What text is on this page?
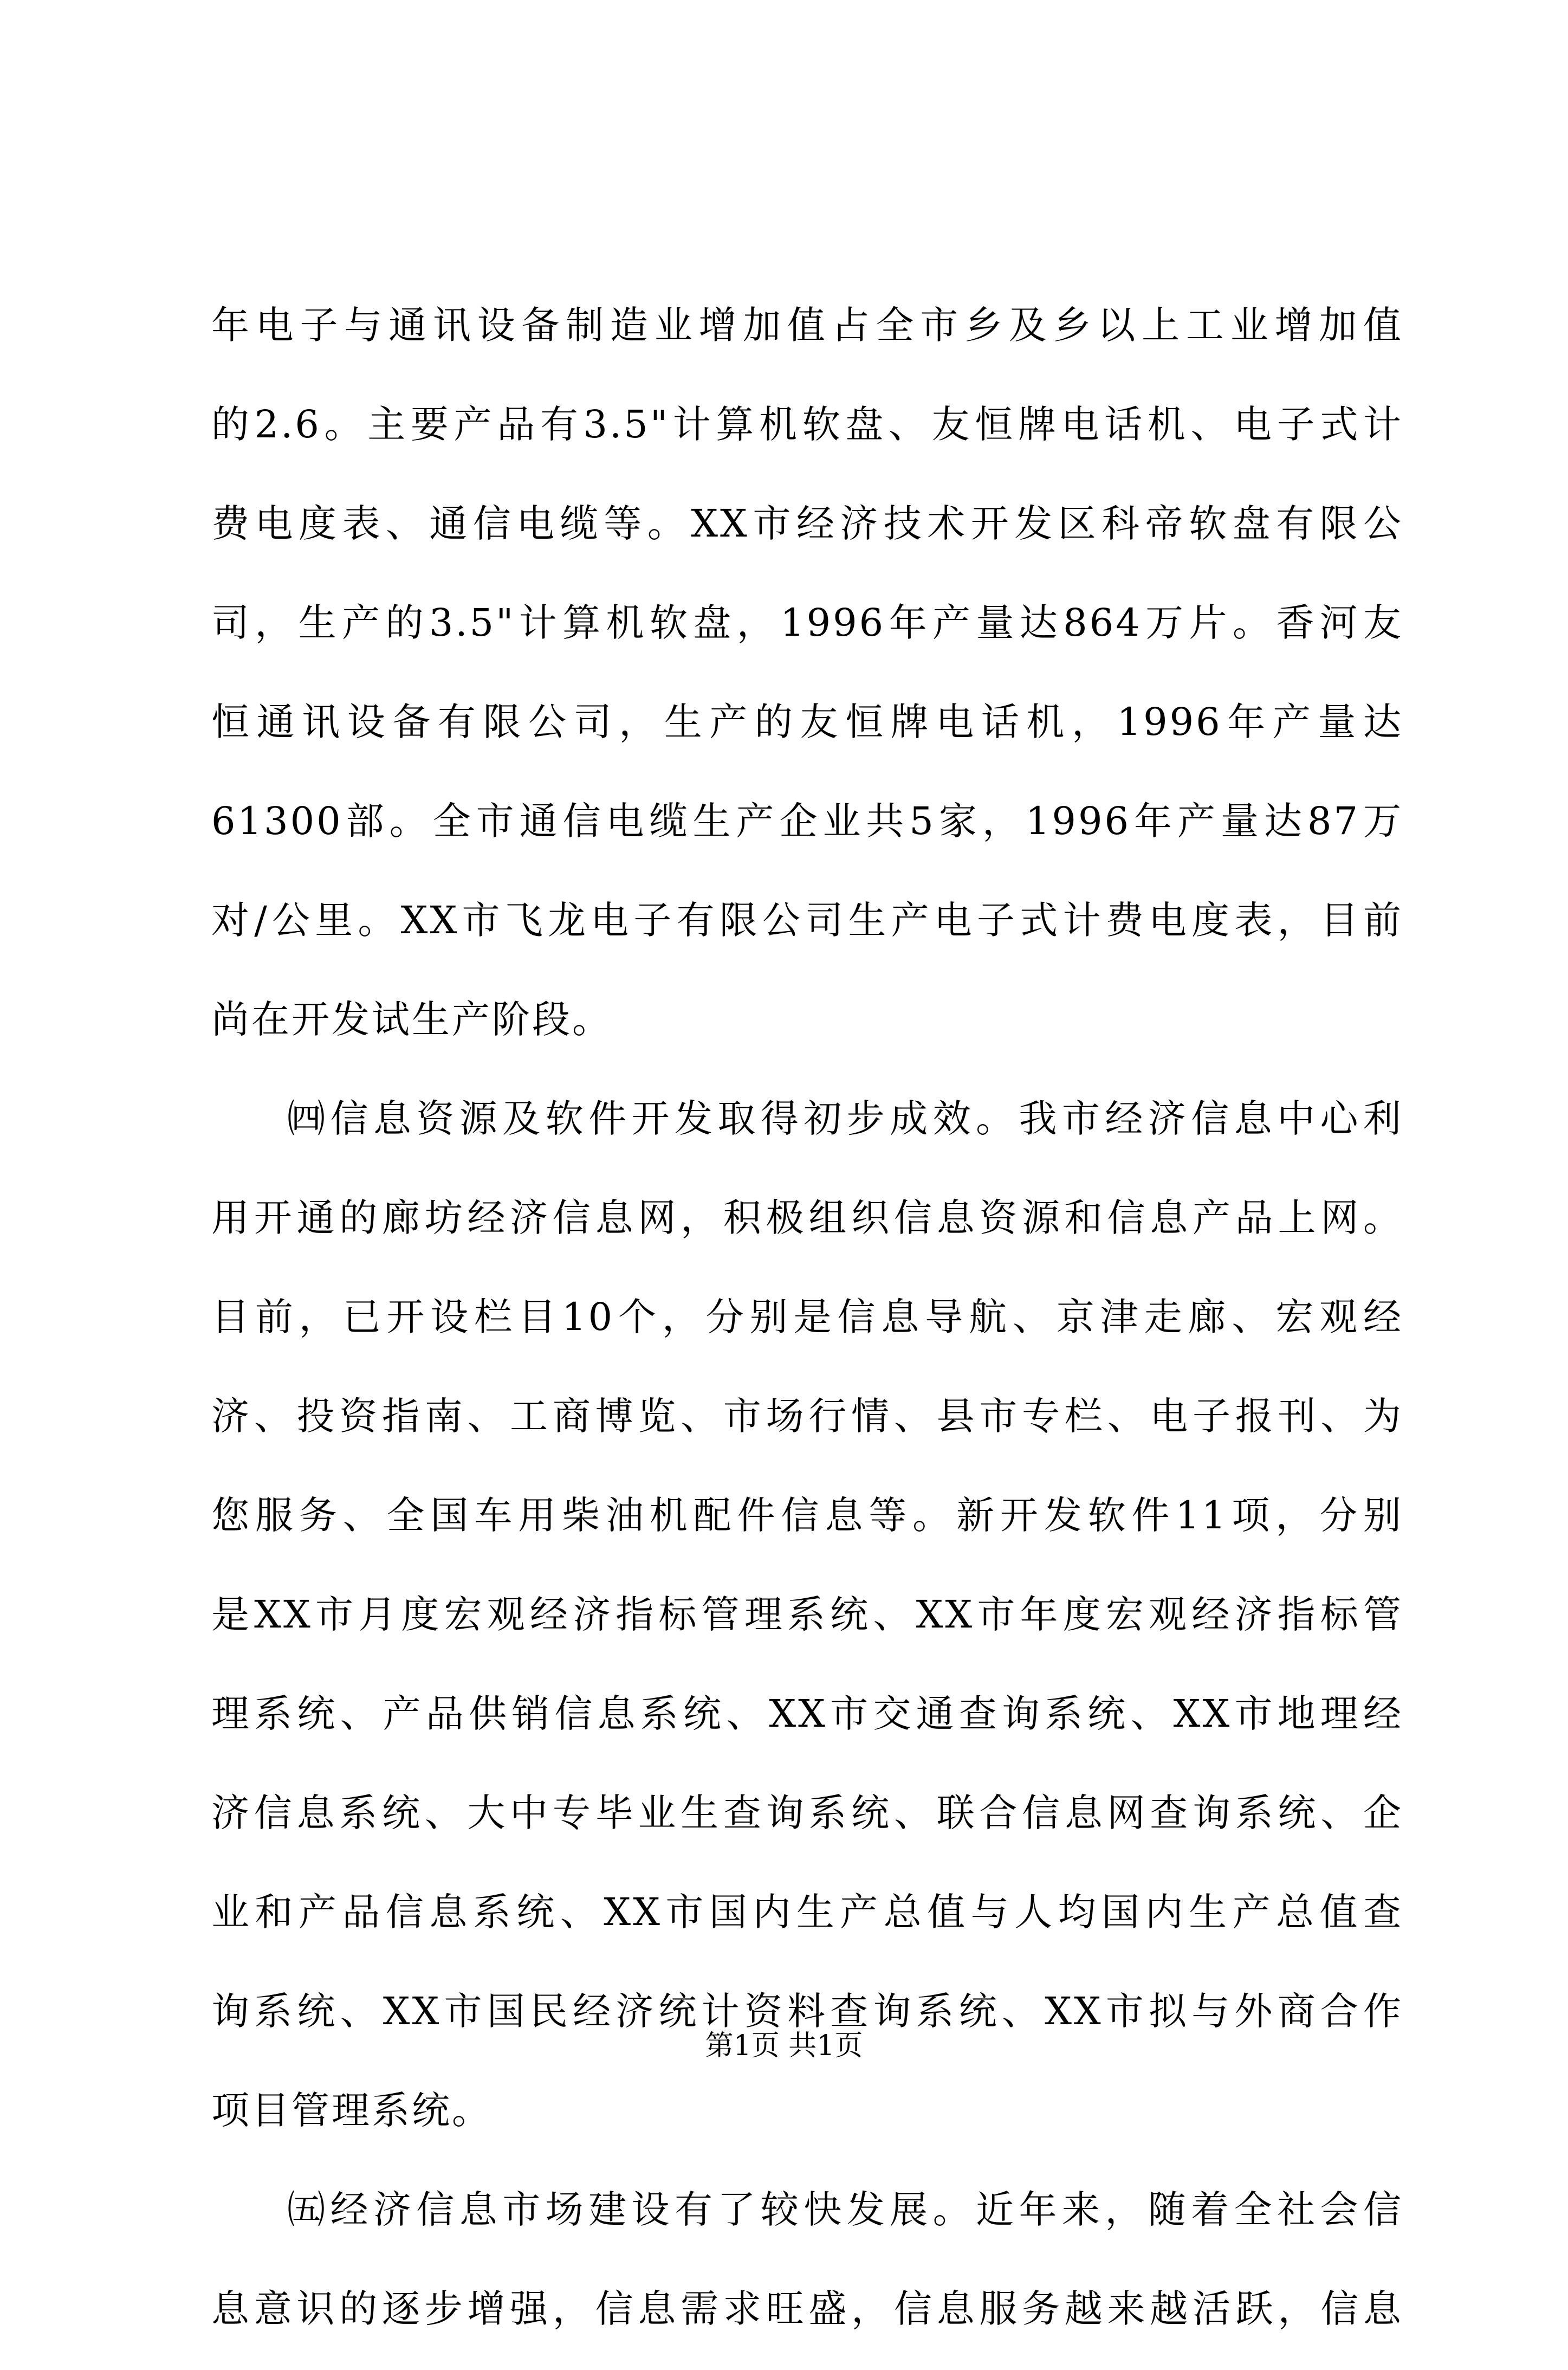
年电子与通讯设备制造业增加值占全市乡及乡以上工业增加值
的2.6。主要产品有3.5"计算机软盘、友恒牌电话机、电子式计
费电度表、通信电缆等。XX市经济技术开发区科帝软盘有限公
司，生产的3.5"计算机软盘，1996年产量达864万片。香河友
恒通讯设备有限公司，生产的友恒牌电话机，1996年产量达
61300部。全市通信电缆生产企业共5家，1996年产量达87万
对/公里。XX市飞龙电子有限公司生产电子式计费电度表，目前
尚在开发试生产阶段。
㈣信息资源及软件开发取得初步成效。我市经济信息中心利
用开通的廊坊经济信息网，积极组织信息资源和信息产品上网。
目前，已开设栏目10个，分别是信息导航、京津走廊、宏观经
济、投资指南、工商博览、市场行情、县市专栏、电子报刊、为
您服务、全国车用柴油机配件信息等。新开发软件11项，分别
是XX市月度宏观经济指标管理系统、XX市年度宏观经济指标管
理系统、产品供销信息系统、XX市交通查询系统、XX市地理经
济信息系统、大中专毕业生查询系统、联合信息网查询系统、企
业和产品信息系统、XX市国内生产总值与人均国内生产总值查
询系统、XX市国民经济统计资料查询系统、XX市拟与外商合作
项目管理系统。
㈤经济信息市场建设有了较快发展。近年来，随着全社会信
息意识的逐步增强，信息需求旺盛，信息服务越来越活跃，信息
第1页 共1页
